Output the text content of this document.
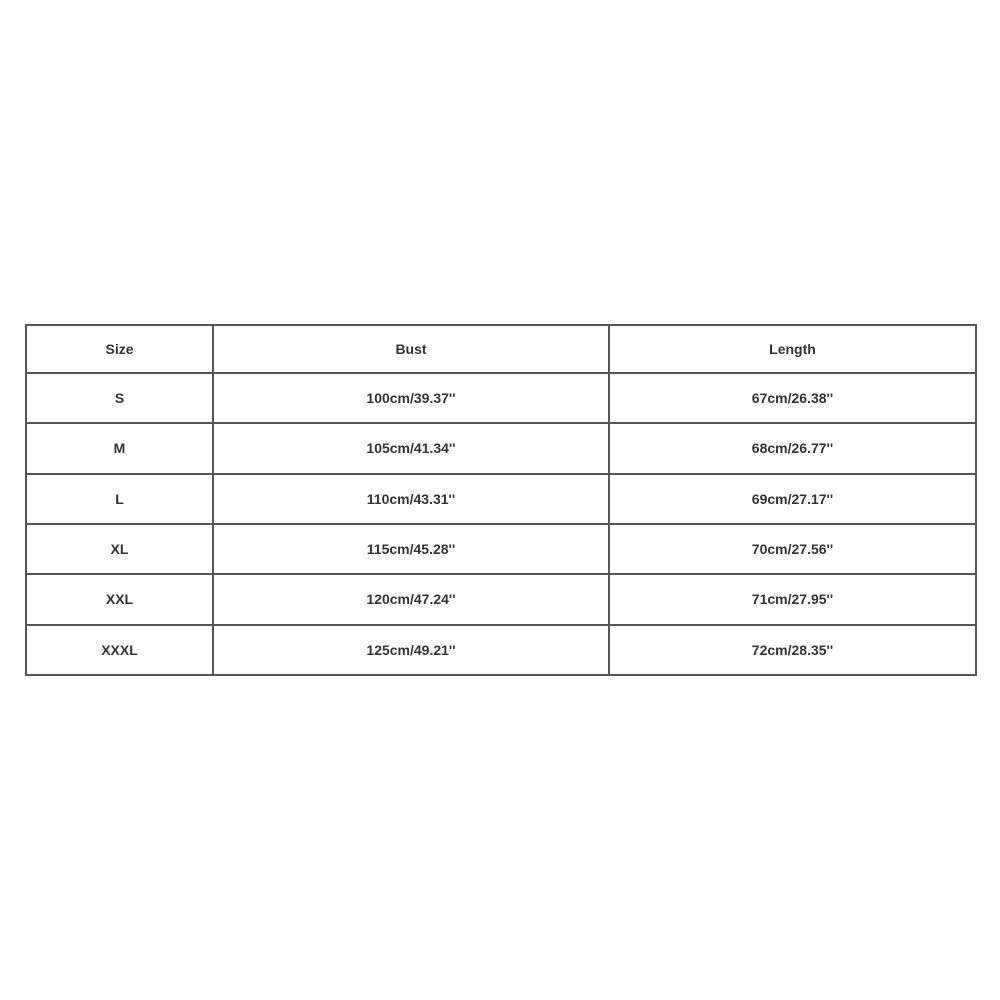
Size	Bust	Length
S	100cm/39.37''	67cm/26.38''
M	105cm/41.34''	68cm/26.77''
L	110cm/43.31''	69cm/27.17''
XL	115cm/45.28''	70cm/27.56''
XXL	120cm/47.24''	71cm/27.95''
XXXL	125cm/49.21''	72cm/28.35''
